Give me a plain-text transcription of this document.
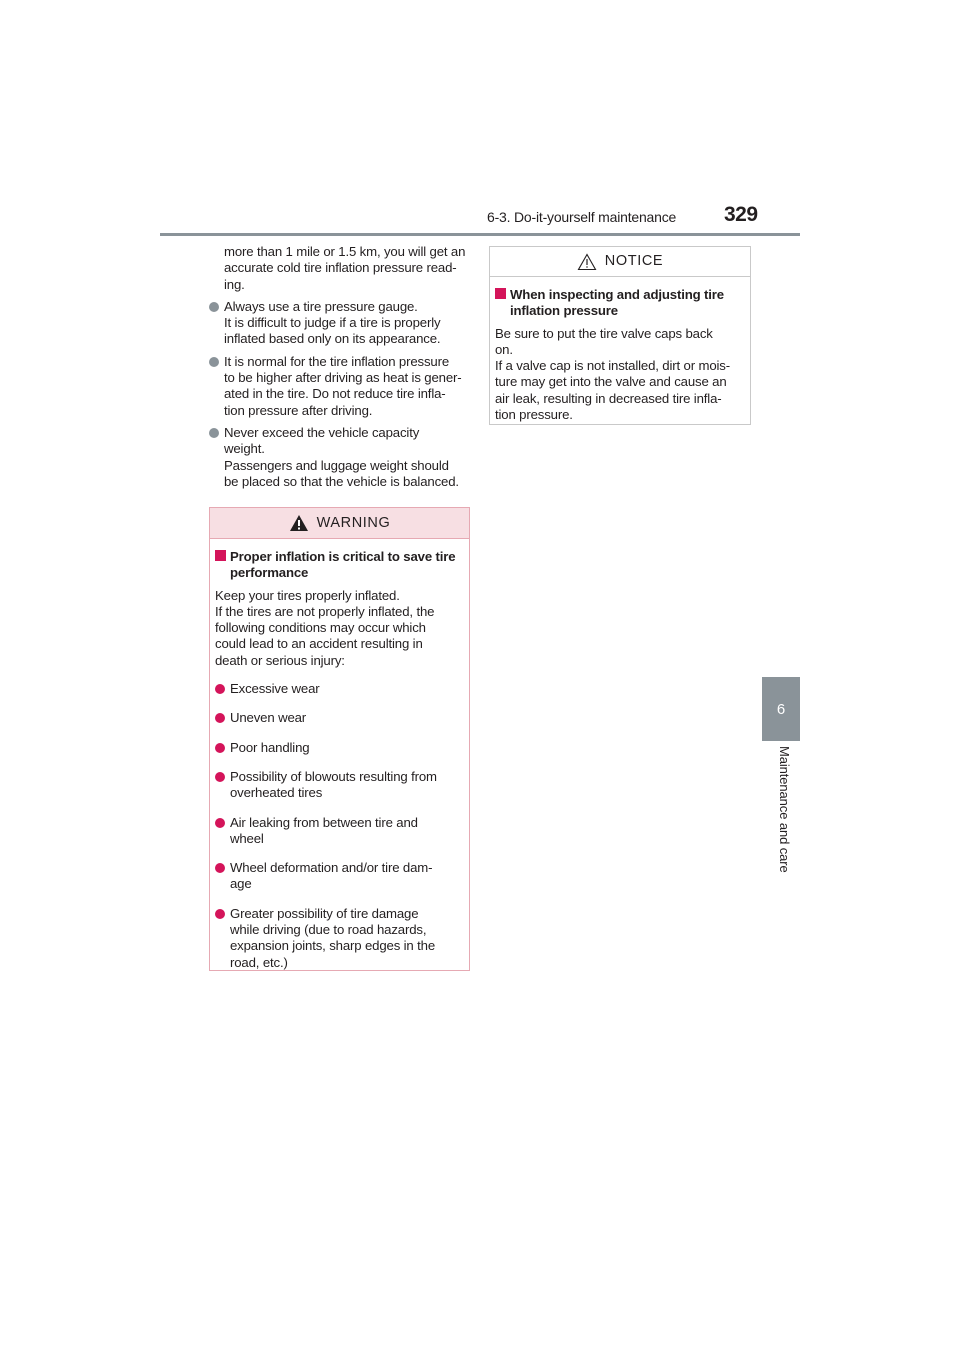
6-3. Do-it-yourself maintenance 329
6
Maintenance and care
more than 1 mile or 1.5 km, you will get an
accurate cold tire inflation pressure read-
ing.
Always use a tire pressure gauge.
It is difficult to judge if a tire is properly
inflated based only on its appearance.
It is normal for the tire inflation pressure
to be higher after driving as heat is gener-
ated in the tire. Do not reduce tire infla-
tion pressure after driving.
Never exceed the vehicle capacity
weight.
Passengers and luggage weight should
be placed so that the vehicle is balanced.
WARNING
Proper inflation is critical to save tire
performance
Keep your tires properly inflated.
If the tires are not properly inflated, the
following conditions may occur which
could lead to an accident resulting in
death or serious injury:
Excessive wear
Uneven wear
Poor handling
Possibility of blowouts resulting from
overheated tires
Air leaking from between tire and
wheel
Wheel deformation and/or tire dam-
age
Greater possibility of tire damage
while driving (due to road hazards,
expansion joints, sharp edges in the
road, etc.)
NOTICE
When inspecting and adjusting tire
inflation pressure
Be sure to put the tire valve caps back
on.
If a valve cap is not installed, dirt or mois-
ture may get into the valve and cause an
air leak, resulting in decreased tire infla-
tion pressure.
